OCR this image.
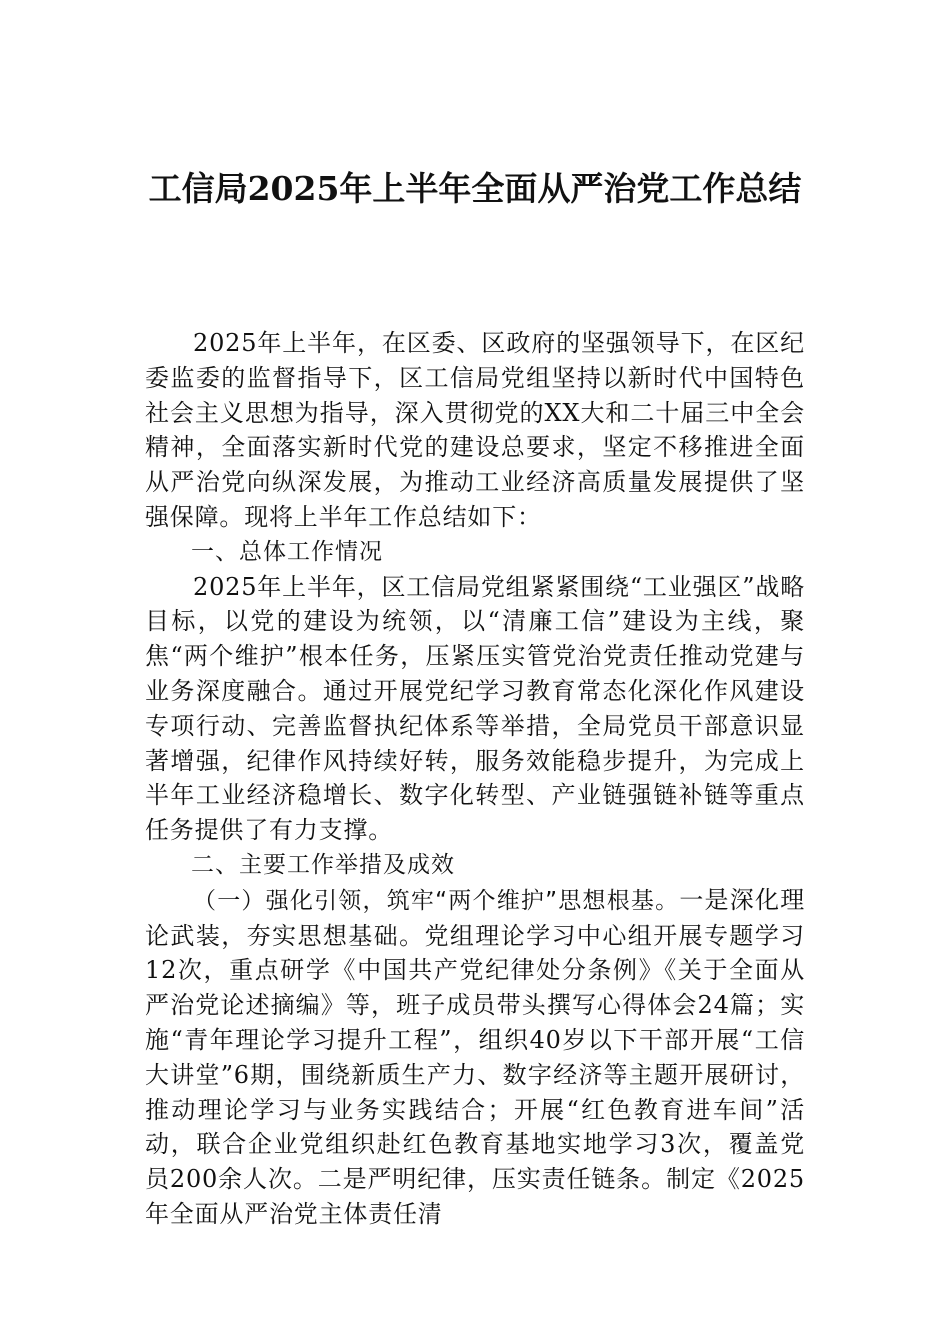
工信局2025年上半年全面从严治党工作总结

2025年上半年，在区委、区政府的坚强领导下，在区纪委监委的监督指导下，区工信局党组坚持以新时代中国特色社会主义思想为指导，深入贯彻党的XX大和二十届三中全会精神，全面落实新时代党的建设总要求，坚定不移推进全面从严治党向纵深发展，为推动工业经济高质量发展提供了坚强保障。现将上半年工作总结如下：

一、总体工作情况

2025年上半年，区工信局党组紧紧围绕“工业强区”战略目标，以党的建设为统领，以“清廉工信”建设为主线，聚焦“两个维护”根本任务，压紧压实管党治党责任推动党建与业务深度融合。通过开展党纪学习教育常态化深化作风建设专项行动、完善监督执纪体系等举措，全局党员干部意识显著增强，纪律作风持续好转，服务效能稳步提升，为完成上半年工业经济稳增长、数字化转型、产业链强链补链等重点任务提供了有力支撑。

二、主要工作举措及成效

（一）强化引领，筑牢“两个维护”思想根基。一是深化理论武装，夯实思想基础。党组理论学习中心组开展专题学习12次，重点研学《中国共产党纪律处分条例》《关于全面从严治党论述摘编》等，班子成员带头撰写心得体会24篇；实施“青年理论学习提升工程”，组织40岁以下干部开展“工信大讲堂”6期，围绕新质生产力、数字经济等主题开展研讨，推动理论学习与业务实践结合；开展“红色教育进车间”活动，联合企业党组织赴红色教育基地实地学习3次，覆盖党员200余人次。二是严明纪律，压实责任链条。制定《2025年全面从严治党主体责任清
